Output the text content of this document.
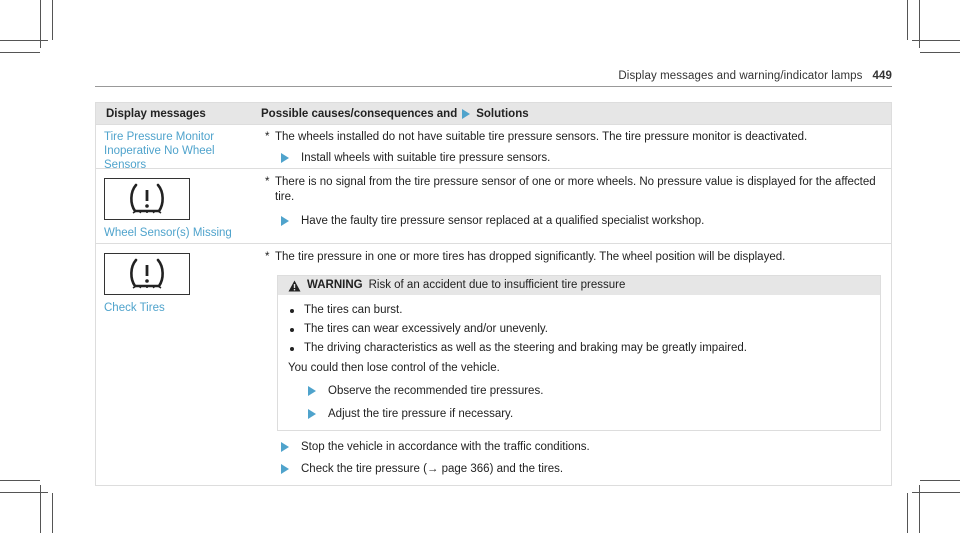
Display messages and warning/indicator lamps 449
Display messages	Possible causes/consequences and Solutions
Tire Pressure Monitor Inoperative No Wheel Sensors
* The wheels installed do not have suitable tire pressure sensors. The tire pressure monitor is deactivated.
Install wheels with suitable tire pressure sensors.
Wheel Sensor(s) Missing
* There is no signal from the tire pressure sensor of one or more wheels. No pressure value is displayed for the affected tire.
Have the faulty tire pressure sensor replaced at a qualified specialist workshop.
Check Tires
* The tire pressure in one or more tires has dropped significantly. The wheel position will be displayed.
WARNING Risk of an accident due to insufficient tire pressure
The tires can burst.
The tires can wear excessively and/or unevenly.
The driving characteristics as well as the steering and braking may be greatly impaired.
You could then lose control of the vehicle.
Observe the recommended tire pressures.
Adjust the tire pressure if necessary.
Stop the vehicle in accordance with the traffic conditions.
Check the tire pressure (→ page 366) and the tires.
